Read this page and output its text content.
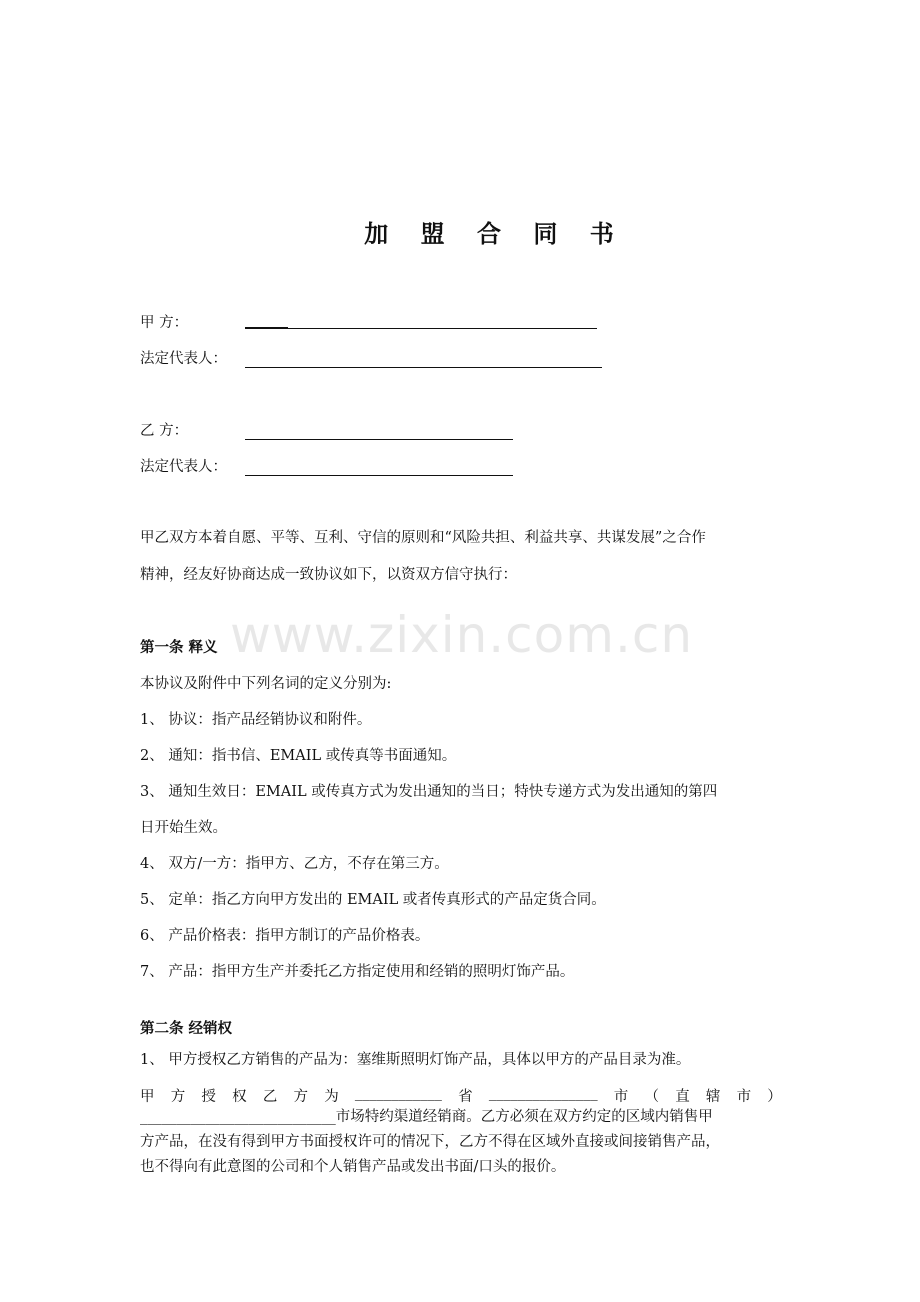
加 盟 合 同 书
甲 方：
法定代表人：
乙 方：
法定代表人：
甲乙双方本着自愿、平等、互利、守信的原则和“风险共担、利益共享、共谋发展”之合作
精神，经友好协商达成一致协议如下，以资双方信守执行：
www.zixin.com.cn
第一条 释义
本协议及附件中下列名词的定义分别为:
1、 协议：指产品经销协议和附件。
2、 通知：指书信、EMAIL 或传真等书面通知。
3、 通知生效日：EMAIL 或传真方式为发出通知的当日；特快专递方式为发出通知的第四
日开始生效。
4、 双方/一方：指甲方、乙方，不存在第三方。
5、 定单：指乙方向甲方发出的 EMAIL 或者传真形式的产品定货合同。
6、 产品价格表：指甲方制订的产品价格表。
7、 产品：指甲方生产并委托乙方指定使用和经销的照明灯饰产品。
第二条 经销权
1、 甲方授权乙方销售的产品为：塞维斯照明灯饰产品，具体以甲方的产品目录为准。
甲 方 授 权 乙 方 为 ____________ 省 _______________ 市 （ 直 辖 市 ）
___________________________市场特约渠道经销商。乙方必须在双方约定的区域内销售甲
方产品，在没有得到甲方书面授权许可的情况下，乙方不得在区域外直接或间接销售产品，
也不得向有此意图的公司和个人销售产品或发出书面/口头的报价。
